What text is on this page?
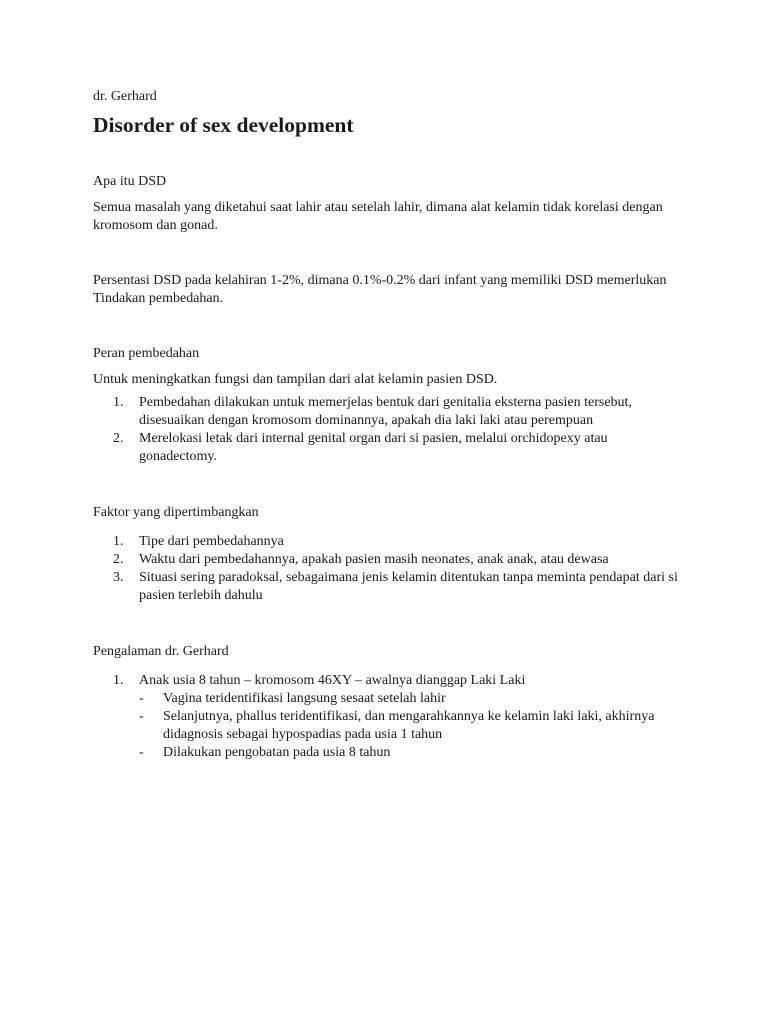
dr. Gerhard
Disorder of sex development
Apa itu DSD
Semua masalah yang diketahui saat lahir atau setelah lahir, dimana alat kelamin tidak korelasi dengan kromosom dan gonad.
Persentasi DSD pada kelahiran 1-2%, dimana 0.1%-0.2% dari infant yang memiliki DSD memerlukan Tindakan pembedahan.
Peran pembedahan
Untuk meningkatkan fungsi dan tampilan dari alat kelamin pasien DSD.
1. Pembedahan dilakukan untuk memerjelas bentuk dari genitalia eksterna pasien tersebut, disesuaikan dengan kromosom dominannya, apakah dia laki laki atau perempuan
2. Merelokasi letak dari internal genital organ dari si pasien, melalui orchidopexy atau gonadectomy.
Faktor yang dipertimbangkan
1. Tipe dari pembedahannya
2. Waktu dari pembedahannya, apakah pasien masih neonates, anak anak, atau dewasa
3. Situasi sering paradoksal, sebagaimana jenis kelamin ditentukan tanpa meminta pendapat dari si pasien terlebih dahulu
Pengalaman dr. Gerhard
1. Anak usia 8 tahun – kromosom 46XY – awalnya dianggap Laki Laki
- Vagina teridentifikasi langsung sesaat setelah lahir
- Selanjutnya, phallus teridentifikasi, dan mengarahkannya ke kelamin laki laki, akhirnya didagnosis sebagai hypospadias pada usia 1 tahun
- Dilakukan pengobatan pada usia 8 tahun
